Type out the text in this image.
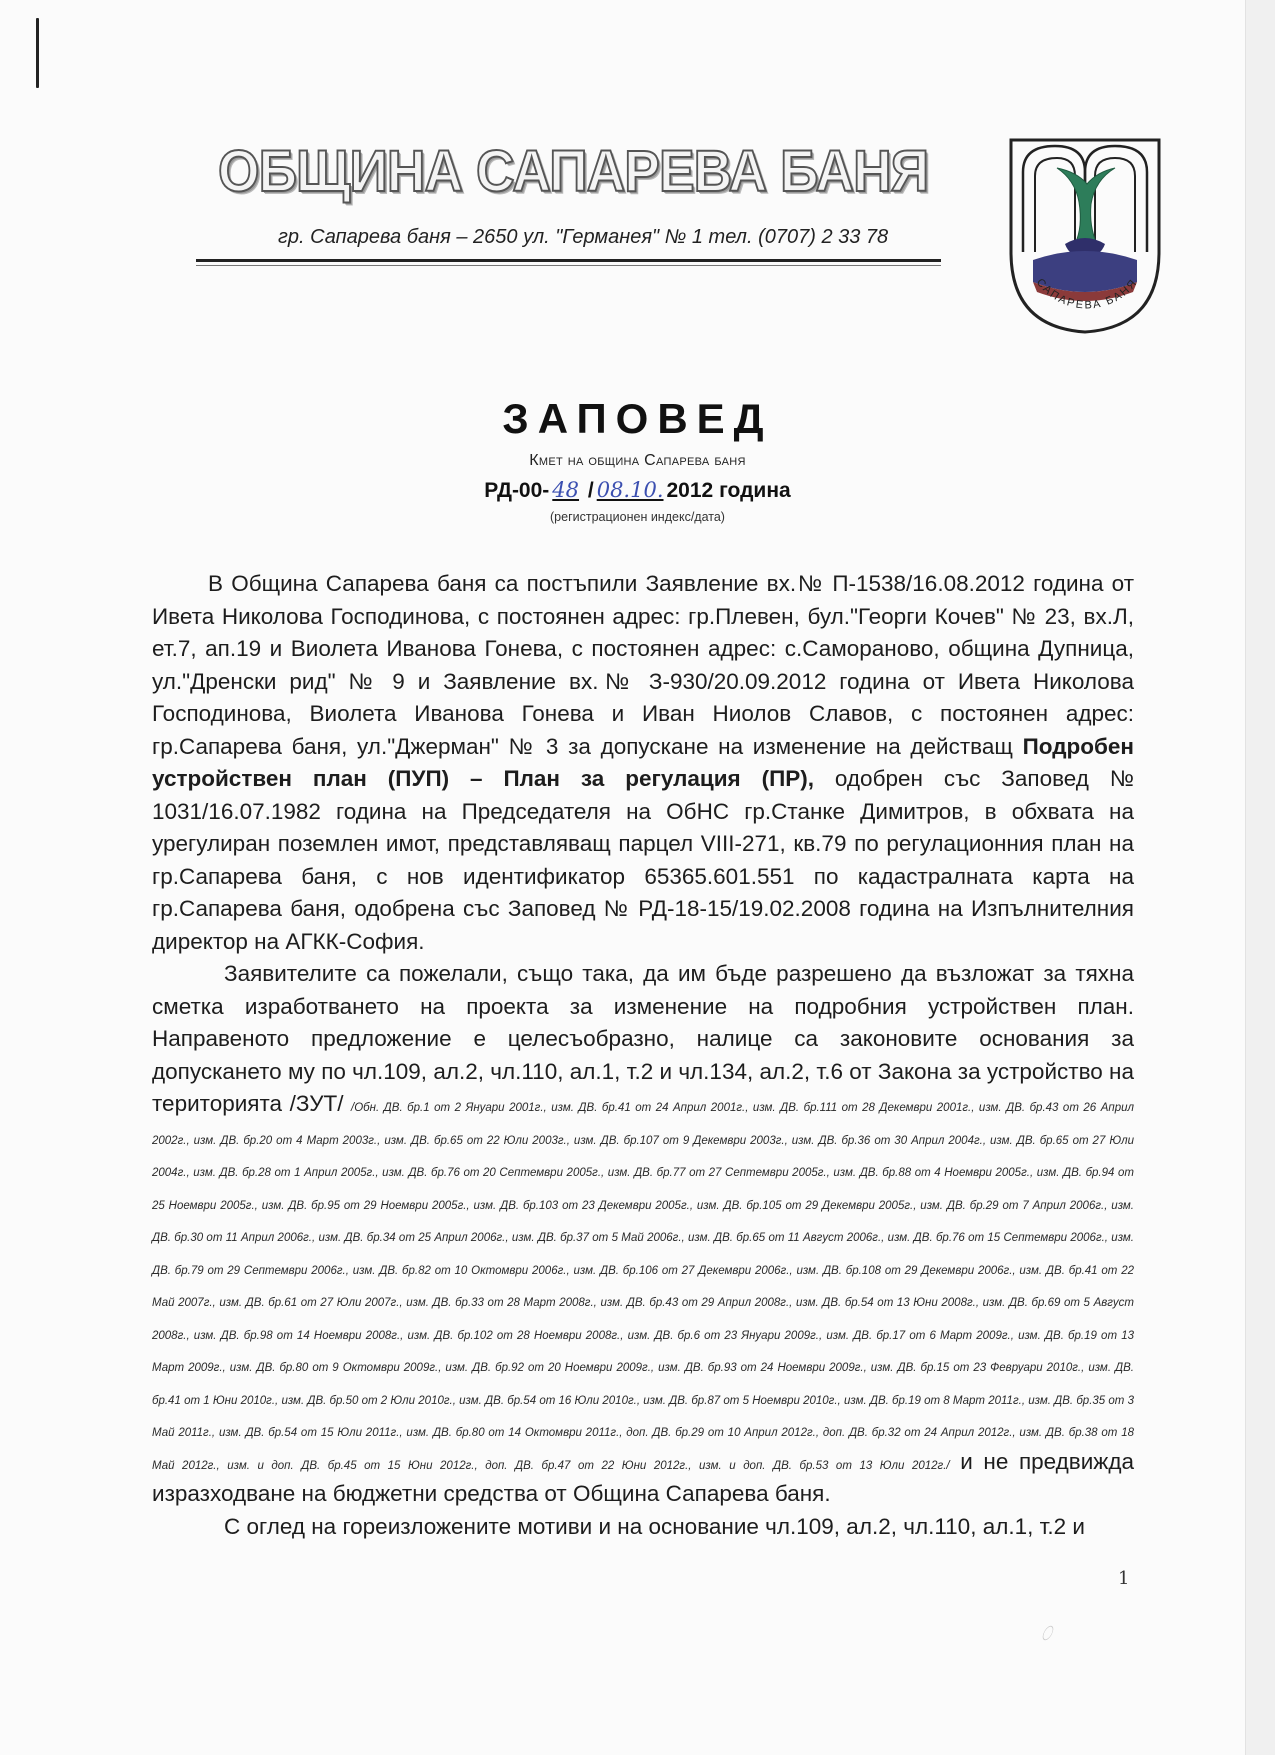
ОБЩИНА САПАРЕВА БАНЯ
гр. Сапарева баня – 2650 ул. "Германея" № 1 тел. (0707) 2 33 78
САПАРЕВА БАНЯ
ЗАПОВЕД
Кмет на община Сапарева баня
РД-00- 48 / 08.10. 2012 година
(регистрационен индекс/дата)

В Община Сапарева баня са постъпили Заявление вх.№ П-1538/16.08.2012 година от Ивета Николова Господинова, с постоянен адрес: гр.Плевен, бул."Георги Кочев" № 23, вх.Л, ет.7, ап.19 и Виолета Иванова Гонева, с постоянен адрес: с.Самораново, община Дупница, ул."Дренски рид" № 9 и Заявление вх.№ З-930/20.09.2012 година от Ивета Николова Господинова, Виолета Иванова Гонева и Иван Ниолов Славов, с постоянен адрес: гр.Сапарева баня, ул."Джерман" № 3 за допускане на изменение на действащ Подробен устройствен план (ПУП) – План за регулация (ПР), одобрен със Заповед № 1031/16.07.1982 година на Председателя на ОбНС гр.Станке Димитров, в обхвата на урегулиран поземлен имот, представляващ парцел VIII-271, кв.79 по регулационния план на гр.Сапарева баня, с нов идентификатор 65365.601.551 по кадастралната карта на гр.Сапарева баня, одобрена със Заповед № РД-18-15/19.02.2008 година на Изпълнителния директор на АГКК-София.

Заявителите са пожелали, също така, да им бъде разрешено да възложат за тяхна сметка изработването на проекта за изменение на подробния устройствен план. Направеното предложение е целесъобразно, налице са законовите основания за допускането му по чл.109, ал.2, чл.110, ал.1, т.2 и чл.134, ал.2, т.6 от Закона за устройство на територията /ЗУТ/ /Обн. ДВ. бр.1 от 2 Януари 2001г., изм. ДВ. бр.41 от 24 Април 2001г., изм. ДВ. бр.111 от 28 Декември 2001г., изм. ДВ. бр.43 от 26 Април 2002г., изм. ДВ. бр.20 от 4 Март 2003г., изм. ДВ. бр.65 от 22 Юли 2003г., изм. ДВ. бр.107 от 9 Декември 2003г., изм. ДВ. бр.36 от 30 Април 2004г., изм. ДВ. бр.65 от 27 Юли 2004г., изм. ДВ. бр.28 от 1 Април 2005г., изм. ДВ. бр.76 от 20 Септември 2005г., изм. ДВ. бр.77 от 27 Септември 2005г., изм. ДВ. бр.88 от 4 Ноември 2005г., изм. ДВ. бр.94 от 25 Ноември 2005г., изм. ДВ. бр.95 от 29 Ноември 2005г., изм. ДВ. бр.103 от 23 Декември 2005г., изм. ДВ. бр.105 от 29 Декември 2005г., изм. ДВ. бр.29 от 7 Април 2006г., изм. ДВ. бр.30 от 11 Април 2006г., изм. ДВ. бр.34 от 25 Април 2006г., изм. ДВ. бр.37 от 5 Май 2006г., изм. ДВ. бр.65 от 11 Август 2006г., изм. ДВ. бр.76 от 15 Септември 2006г., изм. ДВ. бр.79 от 29 Септември 2006г., изм. ДВ. бр.82 от 10 Октомври 2006г., изм. ДВ. бр.106 от 27 Декември 2006г., изм. ДВ. бр.108 от 29 Декември 2006г., изм. ДВ. бр.41 от 22 Май 2007г., изм. ДВ. бр.61 от 27 Юли 2007г., изм. ДВ. бр.33 от 28 Март 2008г., изм. ДВ. бр.43 от 29 Април 2008г., изм. ДВ. бр.54 от 13 Юни 2008г., изм. ДВ. бр.69 от 5 Август 2008г., изм. ДВ. бр.98 от 14 Ноември 2008г., изм. ДВ. бр.102 от 28 Ноември 2008г., изм. ДВ. бр.6 от 23 Януари 2009г., изм. ДВ. бр.17 от 6 Март 2009г., изм. ДВ. бр.19 от 13 Март 2009г., изм. ДВ. бр.80 от 9 Октомври 2009г., изм. ДВ. бр.92 от 20 Ноември 2009г., изм. ДВ. бр.93 от 24 Ноември 2009г., изм. ДВ. бр.15 от 23 Февруари 2010г., изм. ДВ. бр.41 от 1 Юни 2010г., изм. ДВ. бр.50 от 2 Юли 2010г., изм. ДВ. бр.54 от 16 Юли 2010г., изм. ДВ. бр.87 от 5 Ноември 2010г., изм. ДВ. бр.19 от 8 Март 2011г., изм. ДВ. бр.35 от 3 Май 2011г., изм. ДВ. бр.54 от 15 Юли 2011г., изм. ДВ. бр.80 от 14 Октомври 2011г., доп. ДВ. бр.29 от 10 Април 2012г., доп. ДВ. бр.32 от 24 Април 2012г., изм. ДВ. бр.38 от 18 Май 2012г., изм. и доп. ДВ. бр.45 от 15 Юни 2012г., доп. ДВ. бр.47 от 22 Юни 2012г., изм. и доп. ДВ. бр.53 от 13 Юли 2012г./ и не предвижда изразходване на бюджетни средства от Община Сапарева баня.

С оглед на гореизложените мотиви и на основание чл.109, ал.2, чл.110, ал.1, т.2 и

1
